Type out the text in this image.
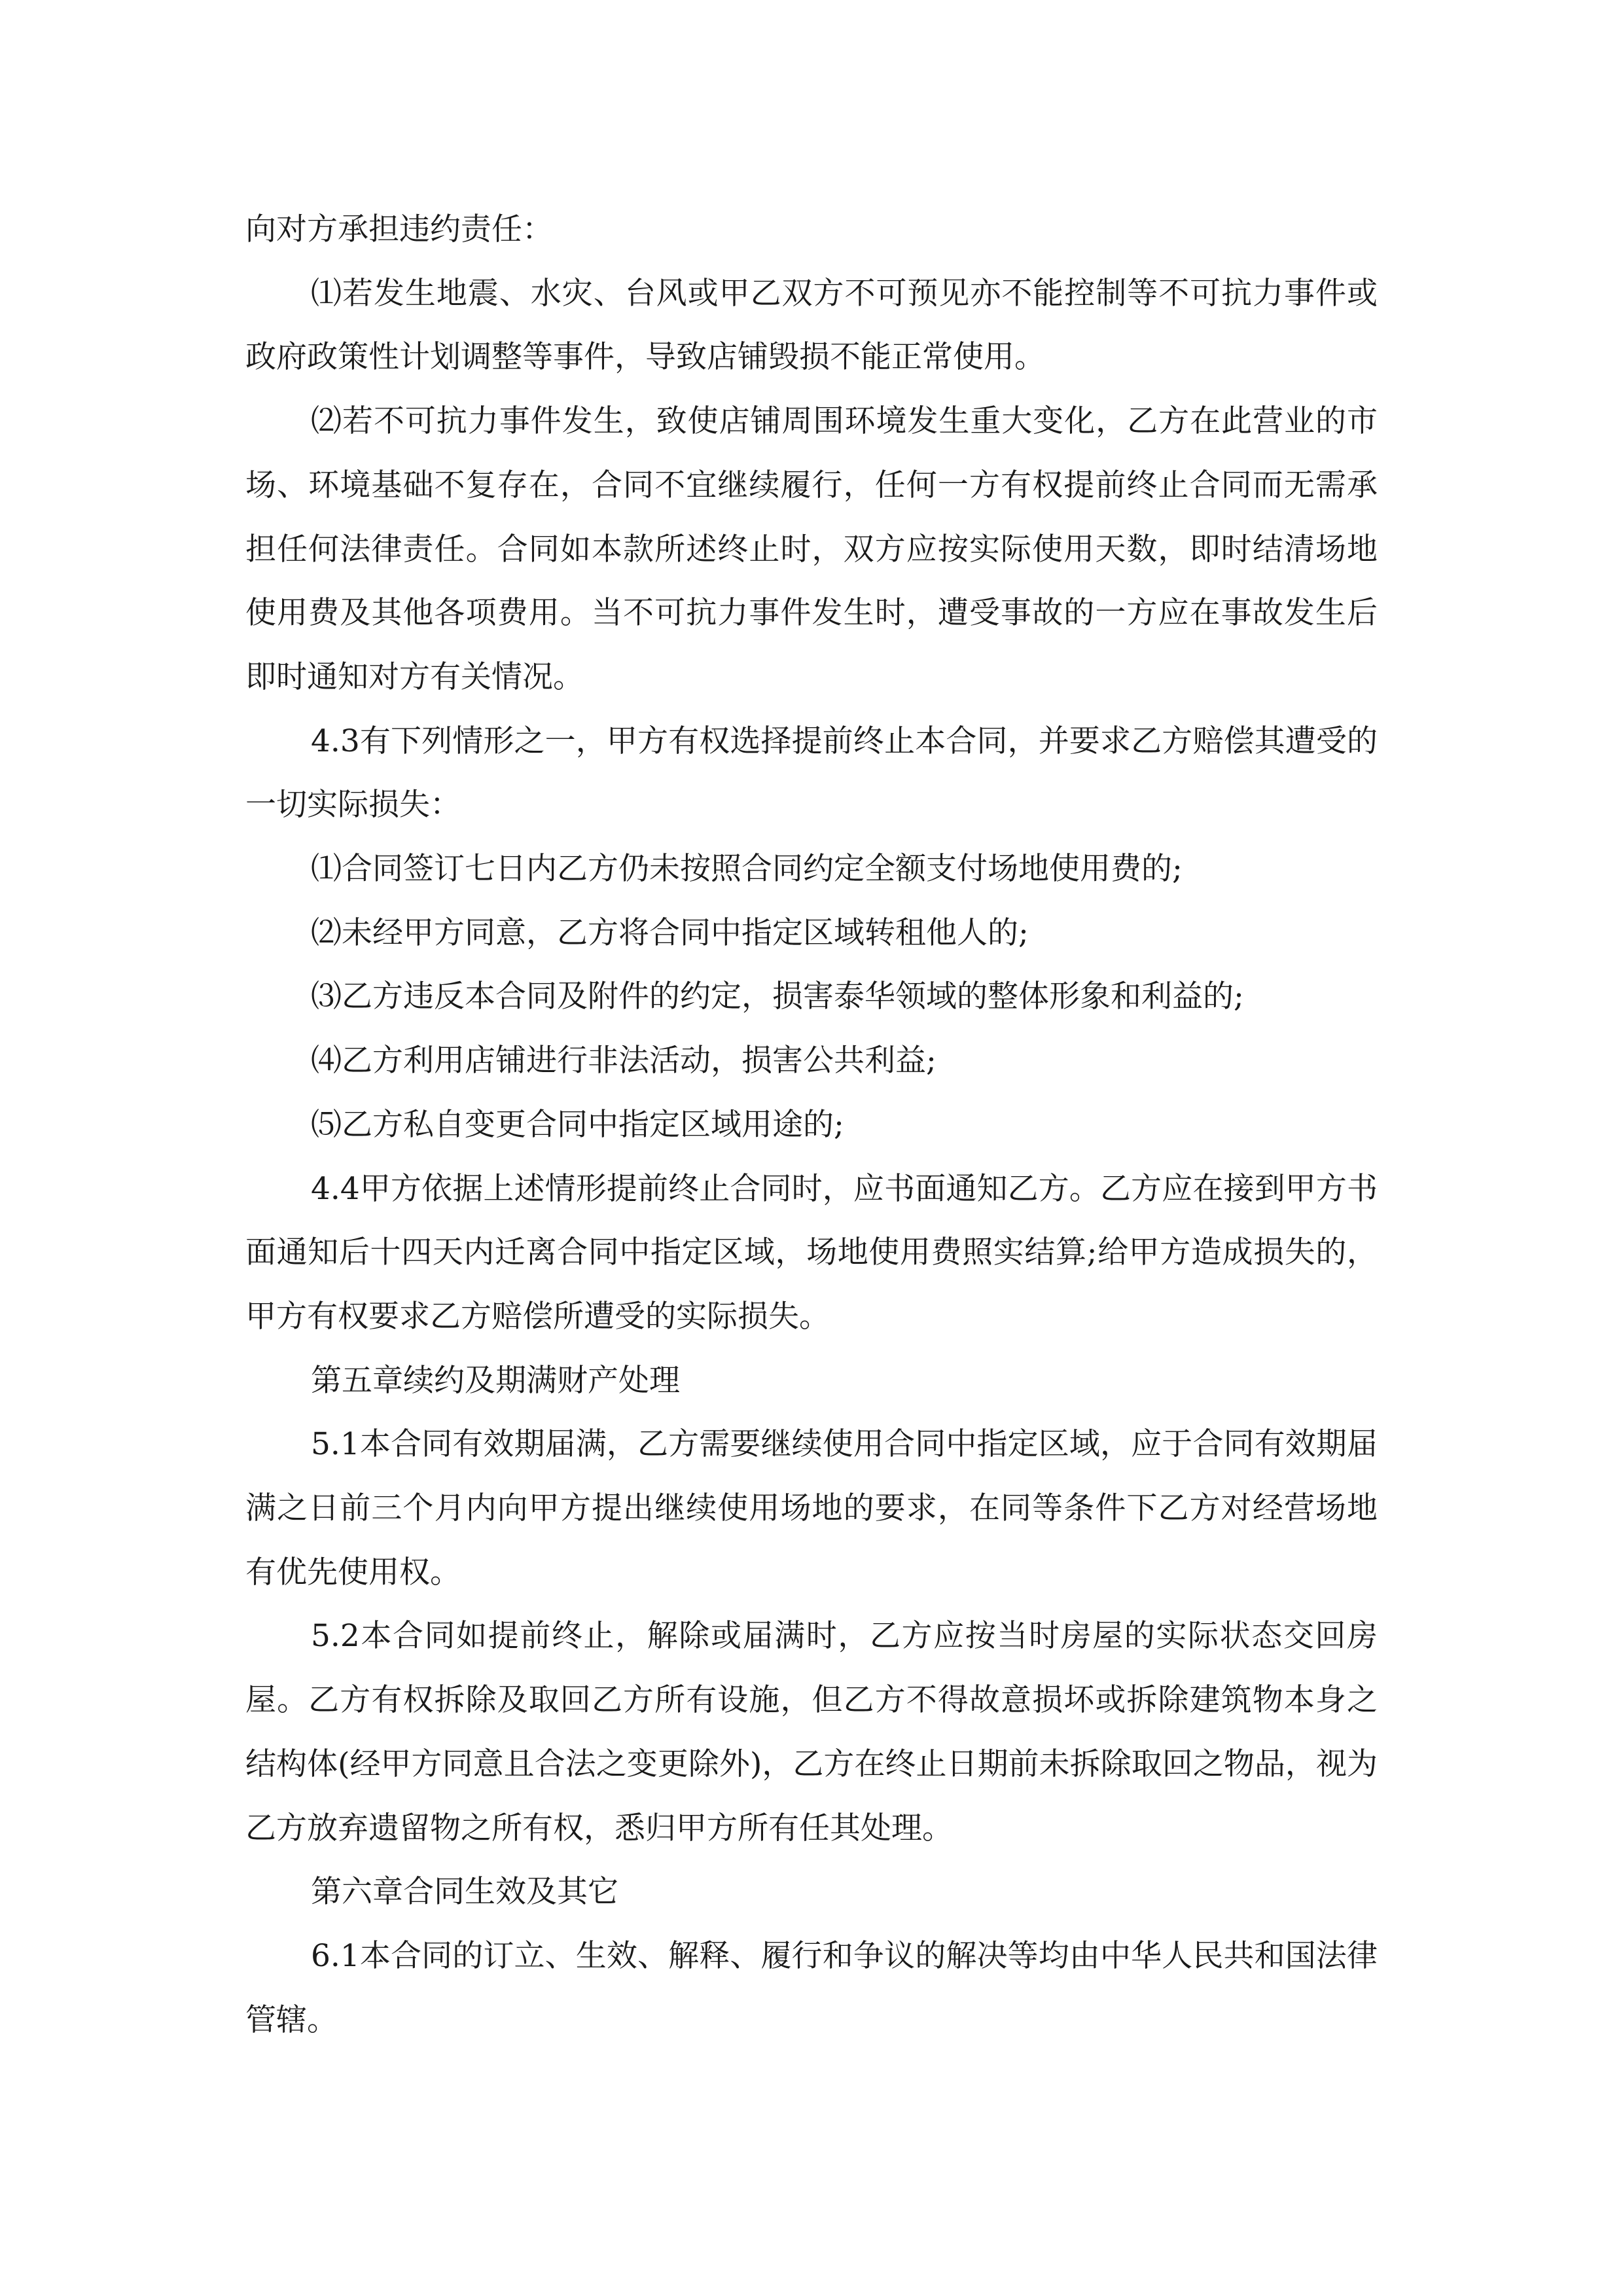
向对方承担违约责任：

⑴若发生地震、水灾、台风或甲乙双方不可预见亦不能控制等不可抗力事件或政府政策性计划调整等事件，导致店铺毁损不能正常使用。

⑵若不可抗力事件发生，致使店铺周围环境发生重大变化，乙方在此营业的市场、环境基础不复存在，合同不宜继续履行，任何一方有权提前终止合同而无需承担任何法律责任。合同如本款所述终止时，双方应按实际使用天数，即时结清场地使用费及其他各项费用。当不可抗力事件发生时，遭受事故的一方应在事故发生后即时通知对方有关情况。

4.3有下列情形之一，甲方有权选择提前终止本合同，并要求乙方赔偿其遭受的一切实际损失：

⑴合同签订七日内乙方仍未按照合同约定全额支付场地使用费的;

⑵未经甲方同意，乙方将合同中指定区域转租他人的;

⑶乙方违反本合同及附件的约定，损害泰华领域的整体形象和利益的;

⑷乙方利用店铺进行非法活动，损害公共利益;

⑸乙方私自变更合同中指定区域用途的;

4.4甲方依据上述情形提前终止合同时，应书面通知乙方。乙方应在接到甲方书面通知后十四天内迁离合同中指定区域，场地使用费照实结算;给甲方造成损失的，甲方有权要求乙方赔偿所遭受的实际损失。

第五章续约及期满财产处理

5.1本合同有效期届满，乙方需要继续使用合同中指定区域，应于合同有效期届满之日前三个月内向甲方提出继续使用场地的要求，在同等条件下乙方对经营场地有优先使用权。

5.2本合同如提前终止，解除或届满时，乙方应按当时房屋的实际状态交回房屋。乙方有权拆除及取回乙方所有设施，但乙方不得故意损坏或拆除建筑物本身之结构体(经甲方同意且合法之变更除外)，乙方在终止日期前未拆除取回之物品，视为乙方放弃遗留物之所有权，悉归甲方所有任其处理。

第六章合同生效及其它

6.1本合同的订立、生效、解释、履行和争议的解决等均由中华人民共和国法律管辖。
